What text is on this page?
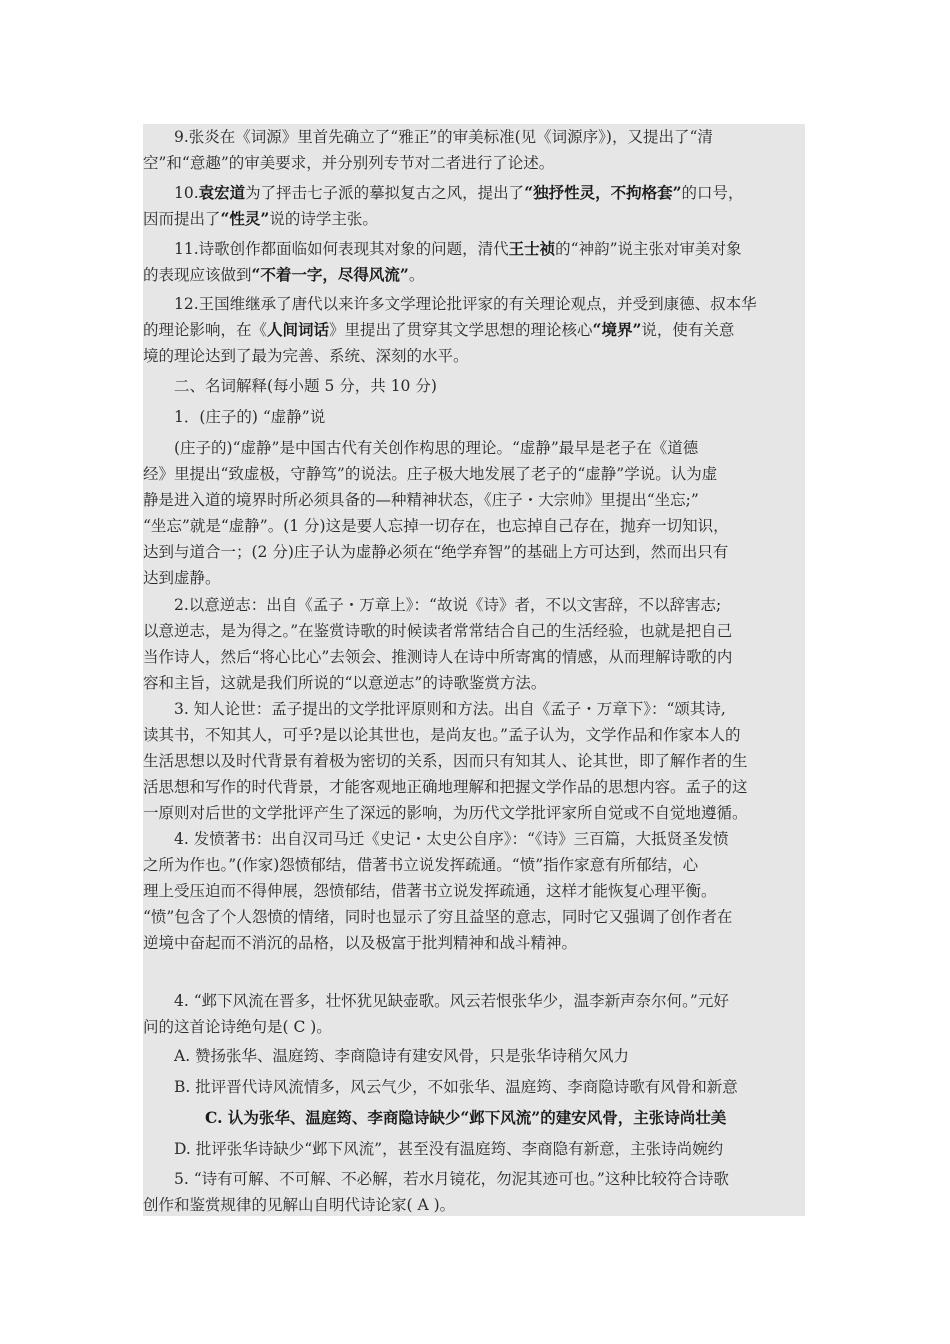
9.张炎在《词源》里首先确立了“雅正”的审美标准(见《词源序》)，又提出了“清
空”和“意趣”的审美要求，并分别列专节对二者进行了论述。

10.袁宏道为了抨击七子派的摹拟复古之风，提出了“独抒性灵，不拘格套”的口号，
因而提出了“性灵”说的诗学主张。

11.诗歌创作都面临如何表现其对象的问题，清代王士祯的“神韵”说主张对审美对象
的表现应该做到“不着一字，尽得风流”。

12.王国维继承了唐代以来许多文学理论批评家的有关理论观点，并受到康德、叔本华
的理论影响，在《人间词话》里提出了贯穿其文学思想的理论核心“境界”说，使有关意
境的理论达到了最为完善、系统、深刻的水平。

二、名词解释(每小题 5 分，共 10 分)

1．(庄子的) “虚静”说

(庄子的)“虚静”是中国古代有关创作构思的理论。“虚静”最早是老子在《道德
经》里提出“致虚极，守静笃”的说法。庄子极大地发展了老子的“虚静”学说。认为虚
静是进入道的境界时所必须具备的—种精神状态，《庄子・大宗帅》里提出“坐忘;”
“坐忘”就是“虚静”。(1 分)这是要人忘掉一切存在，也忘掉自己存在，抛弃一切知识，
达到与道合一；(2 分)庄子认为虚静必须在“绝学弃智”的基础上方可达到，然而出只有
达到虚静。

2.以意逆志：出自《孟子・万章上》：“故说《诗》者，不以文害辞，不以辞害志;
以意逆志，是为得之。”在鉴赏诗歌的时候读者常常结合自己的生活经验，也就是把自己
当作诗人，然后“将心比心”去领会、推测诗人在诗中所寄寓的情感，从而理解诗歌的内
容和主旨，这就是我们所说的“以意逆志”的诗歌鉴赏方法。

3. 知人论世：孟子提出的文学批评原则和方法。出自《孟子・万章下》：“颂其诗,
读其书，不知其人，可乎?是以论其世也，是尚友也。”孟子认为，文学作品和作家本人的
生活思想以及时代背景有着极为密切的关系，因而只有知其人、论其世，即了解作者的生
活思想和写作的时代背景，才能客观地正确地理解和把握文学作品的思想内容。孟子的这
一原则对后世的文学批评产生了深远的影响，为历代文学批评家所自觉或不自觉地遵循。

4. 发愤著书：出自汉司马迁《史记・太史公自序》：“《诗》三百篇，大抵贤圣发愤
之所为作也。”(作家)怨愤郁结，借著书立说发挥疏通。“愤”指作家意有所郁结，心
理上受压迫而不得伸展，怨愤郁结，借著书立说发挥疏通，这样才能恢复心理平衡。
“愤”包含了个人怨愤的情绪，同时也显示了穷且益坚的意志，同时它又强调了创作者在
逆境中奋起而不消沉的品格，以及极富于批判精神和战斗精神。

4. “邺下风流在晋多，壮怀犹见缺壶歌。风云若恨张华少，温李新声奈尔何。”元好
问的这首论诗绝句是( C )。

A. 赞扬张华、温庭筠、李商隐诗有建安风骨，只是张华诗稍欠风力

B. 批评晋代诗风流情多，风云气少，不如张华、温庭筠、李商隐诗歌有风骨和新意

C. 认为张华、温庭筠、李商隐诗缺少“邺下风流”的建安风骨，主张诗尚壮美

D. 批评张华诗缺少“邺下风流”，甚至没有温庭筠、李商隐有新意，主张诗尚婉约

5. “诗有可解、不可解、不必解，若水月镜花，勿泥其迹可也。”这种比较符合诗歌
创作和鉴赏规律的见解山自明代诗论家( A )。
